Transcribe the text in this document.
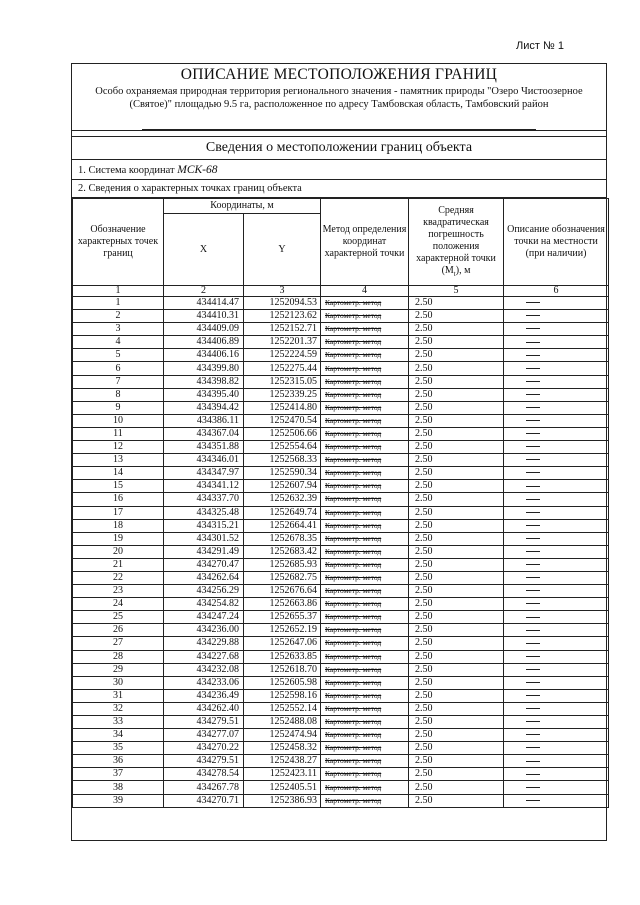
Лист № 1
ОПИСАНИЕ МЕСТОПОЛОЖЕНИЯ ГРАНИЦ
Особо охраняемая природная территория регионального значения - памятник природы "Озеро Чистоозерное (Святое)" площадью 9.5 га, расположенное по адресу Тамбовская область, Тамбовский район
Сведения о местоположении границ объекта
1. Система координат МСК-68
2. Сведения о характерных точках границ объекта
Обозначение характерных точек границ	Координаты, м		Метод определения координат характерной точки	Средняя квадратическая погрешность положения характерной точки $(M_t)$, м	Описание обозначения точки на местности (при наличии)
	X	Y			
1	2	3	4	5	6
1	434414.47	1252094.53	Картометр. метод	2.50	
2	434410.31	1252123.62	Картометр. метод	2.50	
3	434409.09	1252152.71	Картометр. метод	2.50	
4	434406.89	1252201.37	Картометр. метод	2.50	
5	434406.16	1252224.59	Картометр. метод	2.50	
6	434399.80	1252275.44	Картометр. метод	2.50	
7	434398.82	1252315.05	Картометр. метод	2.50	
8	434395.40	1252339.25	Картометр. метод	2.50	
9	434394.42	1252414.80	Картометр. метод	2.50	
10	434386.11	1252470.54	Картометр. метод	2.50	
11	434367.04	1252506.66	Картометр. метод	2.50	
12	434351.88	1252554.64	Картометр. метод	2.50	
13	434346.01	1252568.33	Картометр. метод	2.50	
14	434347.97	1252590.34	Картометр. метод	2.50	
15	434341.12	1252607.94	Картометр. метод	2.50	
16	434337.70	1252632.39	Картометр. метод	2.50	
17	434325.48	1252649.74	Картометр. метод	2.50	
18	434315.21	1252664.41	Картометр. метод	2.50	
19	434301.52	1252678.35	Картометр. метод	2.50	
20	434291.49	1252683.42	Картометр. метод	2.50	
21	434270.47	1252685.93	Картометр. метод	2.50	
22	434262.64	1252682.75	Картометр. метод	2.50	
23	434256.29	1252676.64	Картометр. метод	2.50	
24	434254.82	1252663.86	Картометр. метод	2.50	
25	434247.24	1252655.37	Картометр. метод	2.50	
26	434236.00	1252652.19	Картометр. метод	2.50	
27	434229.88	1252647.06	Картометр. метод	2.50	
28	434227.68	1252633.85	Картометр. метод	2.50	
29	434232.08	1252618.70	Картометр. метод	2.50	
30	434233.06	1252605.98	Картометр. метод	2.50	
31	434236.49	1252598.16	Картометр. метод	2.50	
32	434262.40	1252552.14	Картометр. метод	2.50	
33	434279.51	1252488.08	Картометр. метод	2.50	
34	434277.07	1252474.94	Картометр. метод	2.50	
35	434270.22	1252458.32	Картометр. метод	2.50	
36	434279.51	1252438.27	Картометр. метод	2.50	
37	434278.54	1252423.11	Картометр. метод	2.50	
38	434267.78	1252405.51	Картометр. метод	2.50	
39	434270.71	1252386.93	Картометр. метод	2.50	
